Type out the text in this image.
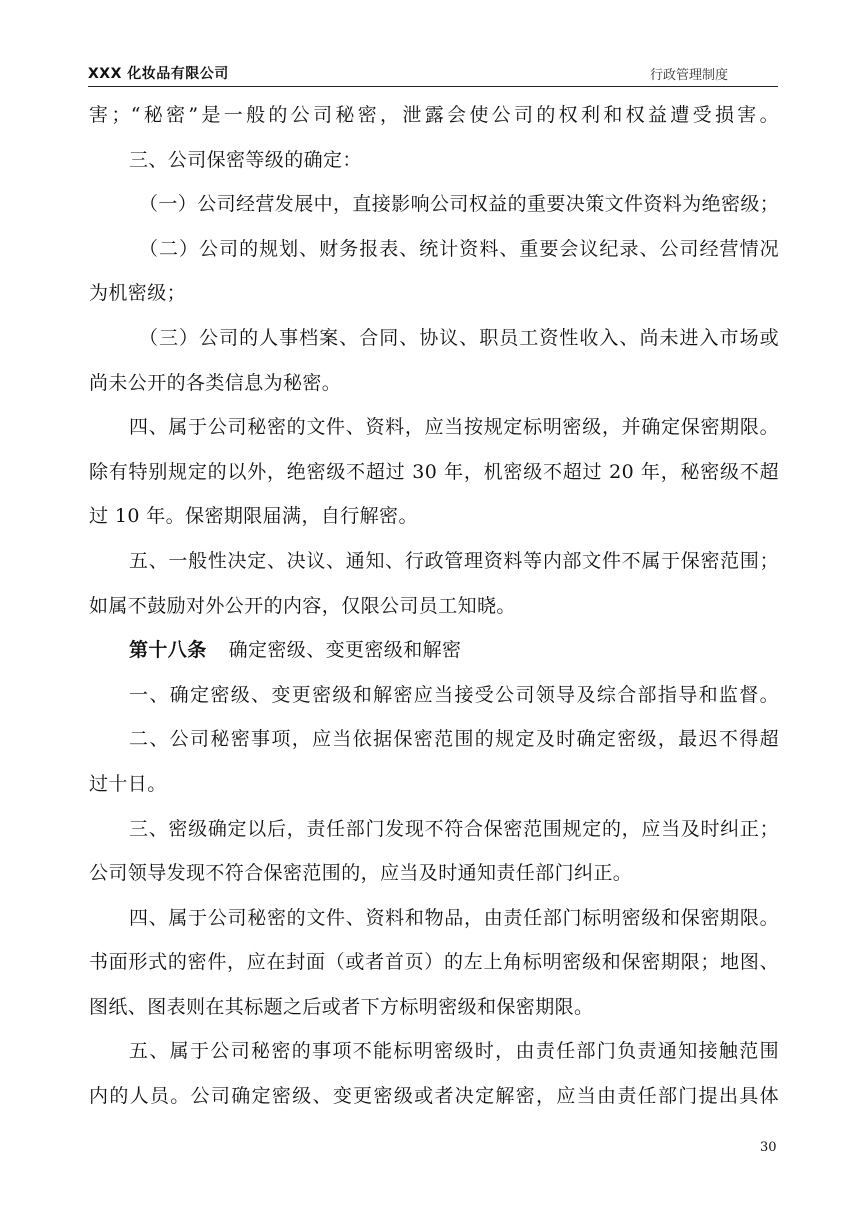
XXX 化妆品有限公司	行政管理制度
害；“秘密”是一般的公司秘密，泄露会使公司的权利和权益遭受损害。
三、公司保密等级的确定：
（一）公司经营发展中，直接影响公司权益的重要决策文件资料为绝密级；
（二）公司的规划、财务报表、统计资料、重要会议纪录、公司经营情况
为机密级；
（三）公司的人事档案、合同、协议、职员工资性收入、尚未进入市场或
尚未公开的各类信息为秘密。
四、属于公司秘密的文件、资料，应当按规定标明密级，并确定保密期限。
除有特别规定的以外，绝密级不超过 30 年，机密级不超过 20 年，秘密级不超
过 10 年。保密期限届满，自行解密。
五、一般性决定、决议、通知、行政管理资料等内部文件不属于保密范围；
如属不鼓励对外公开的内容，仅限公司员工知晓。
第十八条 确定密级、变更密级和解密
一、确定密级、变更密级和解密应当接受公司领导及综合部指导和监督。
二、公司秘密事项，应当依据保密范围的规定及时确定密级，最迟不得超
过十日。
三、密级确定以后，责任部门发现不符合保密范围规定的，应当及时纠正；
公司领导发现不符合保密范围的，应当及时通知责任部门纠正。
四、属于公司秘密的文件、资料和物品，由责任部门标明密级和保密期限。
书面形式的密件，应在封面（或者首页）的左上角标明密级和保密期限；地图、
图纸、图表则在其标题之后或者下方标明密级和保密期限。
五、属于公司秘密的事项不能标明密级时，由责任部门负责通知接触范围
内的人员。公司确定密级、变更密级或者决定解密，应当由责任部门提出具体
30
